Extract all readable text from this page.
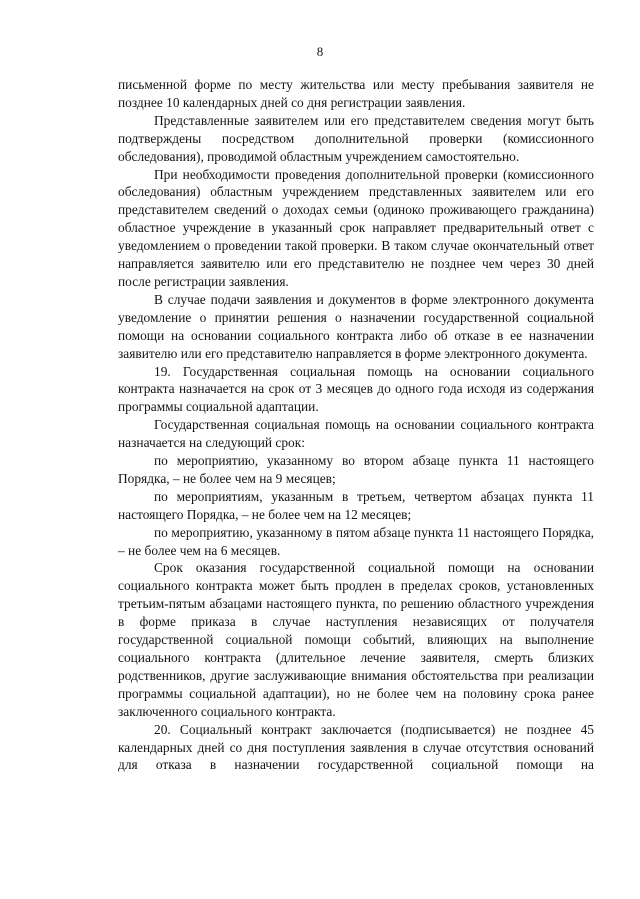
8

письменной форме по месту жительства или месту пребывания заявителя не позднее 10 календарных дней со дня регистрации заявления.

Представленные заявителем или его представителем сведения могут быть подтверждены посредством дополнительной проверки (комиссионного обследования), проводимой областным учреждением самостоятельно.

При необходимости проведения дополнительной проверки (комиссионного обследования) областным учреждением представленных заявителем или его представителем сведений о доходах семьи (одиноко проживающего гражданина) областное учреждение в указанный срок направляет предварительный ответ с уведомлением о проведении такой проверки. В таком случае окончательный ответ направляется заявителю или его представителю не позднее чем через 30 дней после регистрации заявления.

В случае подачи заявления и документов в форме электронного документа уведомление о принятии решения о назначении государственной социальной помощи на основании социального контракта либо об отказе в ее назначении заявителю или его представителю направляется в форме электронного документа.

19. Государственная социальная помощь на основании социального контракта назначается на срок от 3 месяцев до одного года исходя из содержания программы социальной адаптации.

Государственная социальная помощь на основании социального контракта назначается на следующий срок:

по мероприятию, указанному во втором абзаце пункта 11 настоящего Порядка, – не более чем на 9 месяцев;

по мероприятиям, указанным в третьем, четвертом абзацах пункта 11 настоящего Порядка, – не более чем на 12 месяцев;

по мероприятию, указанному в пятом абзаце пункта 11 настоящего Порядка, – не более чем на 6 месяцев.

Срок оказания государственной социальной помощи на основании социального контракта может быть продлен в пределах сроков, установленных третьим-пятым абзацами настоящего пункта, по решению областного учреждения в форме приказа в случае наступления независящих от получателя государственной социальной помощи событий, влияющих на выполнение социального контракта (длительное лечение заявителя, смерть близких родственников, другие заслуживающие внимания обстоятельства при реализации программы социальной адаптации), но не более чем на половину срока ранее заключенного социального контракта.

20. Социальный контракт заключается (подписывается) не позднее 45 календарных дней со дня поступления заявления в случае отсутствия оснований для отказа в назначении государственной социальной помощи на
